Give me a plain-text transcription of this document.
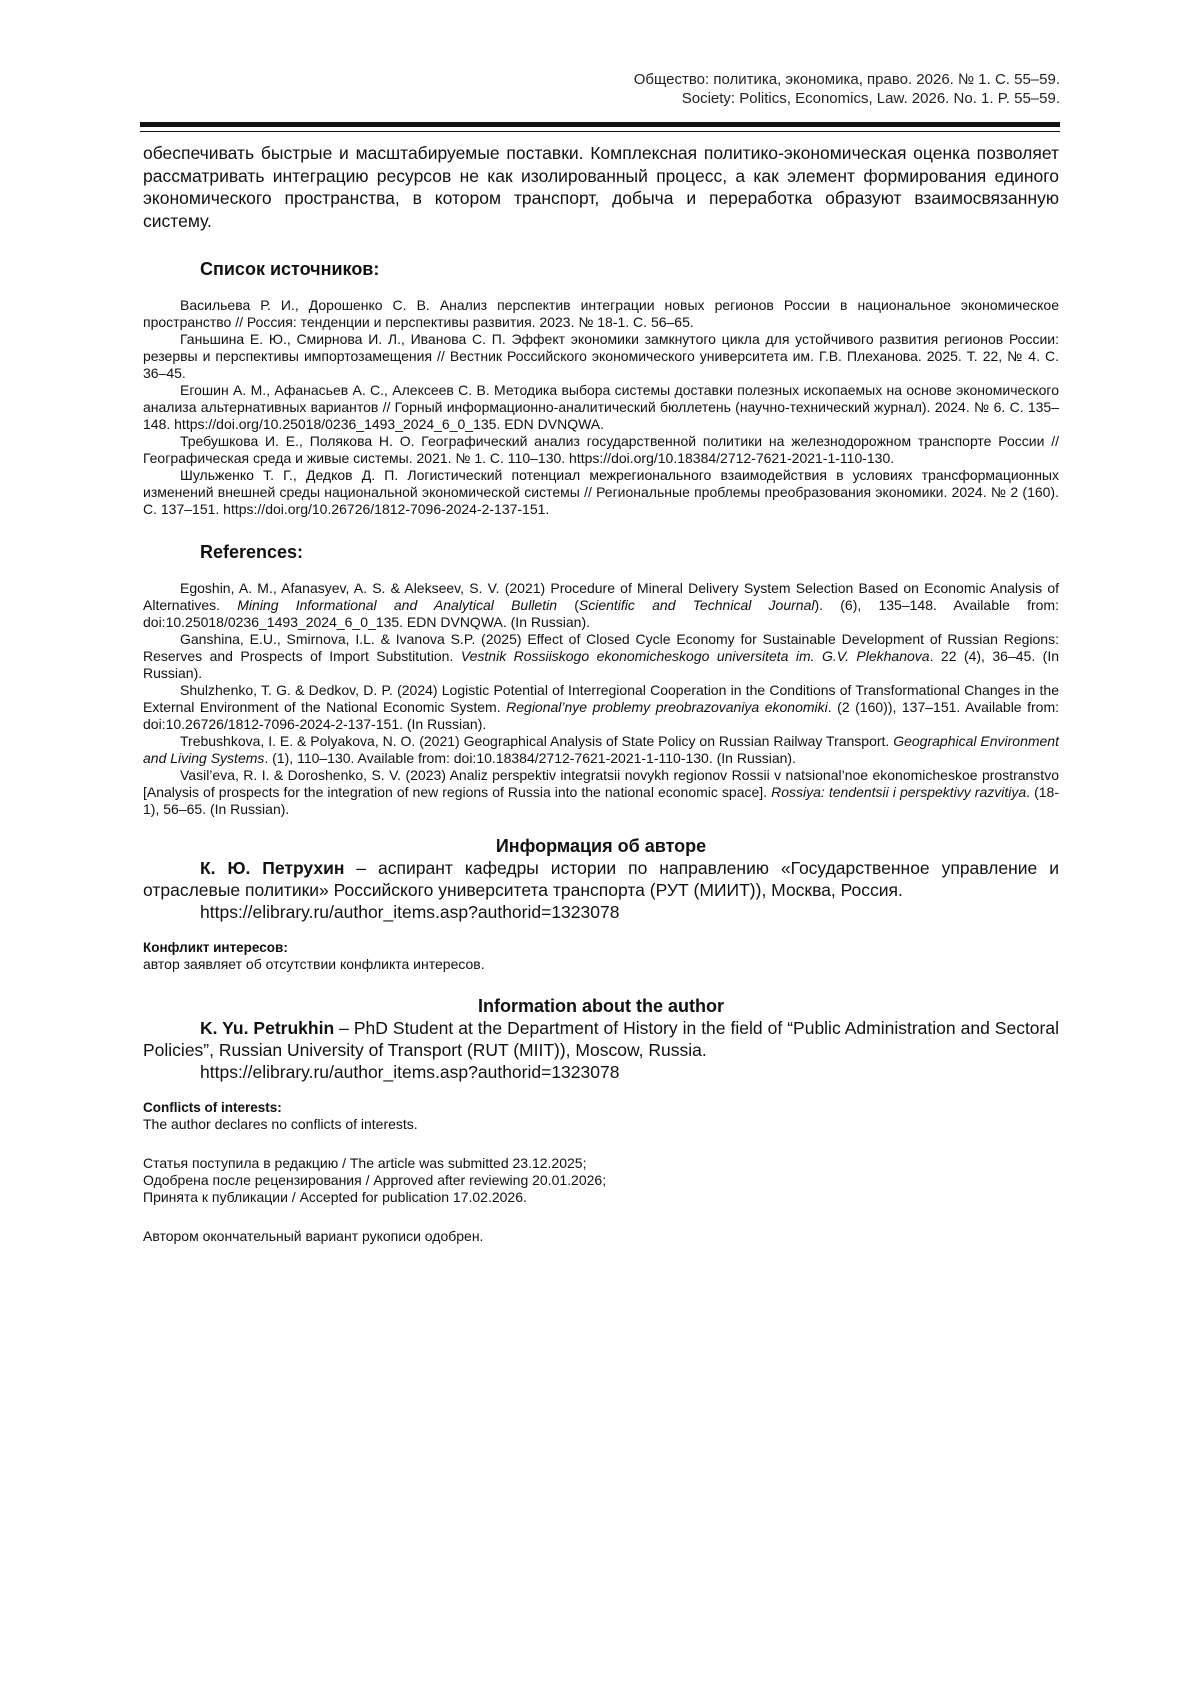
Общество: политика, экономика, право. 2026. № 1. С. 55–59.
Society: Politics, Economics, Law. 2026. No. 1. P. 55–59.

обеспечивать быстрые и масштабируемые поставки. Комплексная политико-экономическая оценка позволяет рассматривать интеграцию ресурсов не как изолированный процесс, а как элемент формирования единого экономического пространства, в котором транспорт, добыча и переработка образуют взаимосвязанную систему.

Список источников:

Васильева Р. И., Дорошенко С. В. Анализ перспектив интеграции новых регионов России в национальное экономическое пространство // Россия: тенденции и перспективы развития. 2023. № 18-1. С. 56–65.
Ганьшина Е. Ю., Смирнова И. Л., Иванова С. П. Эффект экономики замкнутого цикла для устойчивого развития регионов России: резервы и перспективы импортозамещения // Вестник Российского экономического университета им. Г.В. Плеханова. 2025. Т. 22, № 4. С. 36–45.
Егошин А. М., Афанасьев А. С., Алексеев С. В. Методика выбора системы доставки полезных ископаемых на основе экономического анализа альтернативных вариантов // Горный информационно-аналитический бюллетень (научно-технический журнал). 2024. № 6. С. 135–148. https://doi.org/10.25018/0236_1493_2024_6_0_135. EDN DVNQWA.
Требушкова И. Е., Полякова Н. О. Географический анализ государственной политики на железнодорожном транспорте России // Географическая среда и живые системы. 2021. № 1. С. 110–130. https://doi.org/10.18384/2712-7621-2021-1-110-130.
Шульженко Т. Г., Дедков Д. П. Логистический потенциал межрегионального взаимодействия в условиях трансформационных изменений внешней среды национальной экономической системы // Региональные проблемы преобразования экономики. 2024. № 2 (160). С. 137–151. https://doi.org/10.26726/1812-7096-2024-2-137-151.

References:

Egoshin, A. M., Afanasyev, A. S. & Alekseev, S. V. (2021) Procedure of Mineral Delivery System Selection Based on Economic Analysis of Alternatives. Mining Informational and Analytical Bulletin (Scientific and Technical Journal). (6), 135–148. Available from: doi:10.25018/0236_1493_2024_6_0_135. EDN DVNQWA. (In Russian).
Ganshina, E.U., Smirnova, I.L. & Ivanova S.P. (2025) Effect of Closed Cycle Economy for Sustainable Development of Russian Regions: Reserves and Prospects of Import Substitution. Vestnik Rossiiskogo ekonomicheskogo universiteta im. G.V. Plekhanova. 22 (4), 36–45. (In Russian).
Shulzhenko, T. G. & Dedkov, D. P. (2024) Logistic Potential of Interregional Cooperation in the Conditions of Transformational Changes in the External Environment of the National Economic System. Regional’nye problemy preobrazovaniya ekonomiki. (2 (160)), 137–151. Available from: doi:10.26726/1812-7096-2024-2-137-151. (In Russian).
Trebushkova, I. E. & Polyakova, N. O. (2021) Geographical Analysis of State Policy on Russian Railway Transport. Geographical Environment and Living Systems. (1), 110–130. Available from: doi:10.18384/2712-7621-2021-1-110-130. (In Russian).
Vasil’eva, R. I. & Doroshenko, S. V. (2023) Analiz perspektiv integratsii novykh regionov Rossii v natsional’noe ekonomicheskoe prostranstvo [Analysis of prospects for the integration of new regions of Russia into the national economic space]. Rossiya: tendentsii i perspektivy razvitiya. (18-1), 56–65. (In Russian).

Информация об авторе

К. Ю. Петрухин – аспирант кафедры истории по направлению «Государственное управление и отраслевые политики» Российского университета транспорта (РУТ (МИИТ)), Москва, Россия.

https://elibrary.ru/author_items.asp?authorid=1323078

Конфликт интересов:

автор заявляет об отсутствии конфликта интересов.

Information about the author

K. Yu. Petrukhin – PhD Student at the Department of History in the field of “Public Administration and Sectoral Policies”, Russian University of Transport (RUT (MIIT)), Moscow, Russia.

https://elibrary.ru/author_items.asp?authorid=1323078

Conflicts of interests:

The author declares no conflicts of interests.

Статья поступила в редакцию / The article was submitted 23.12.2025;

Одобрена после рецензирования / Approved after reviewing 20.01.2026;

Принята к публикации / Accepted for publication 17.02.2026.

Автором окончательный вариант рукописи одобрен.
